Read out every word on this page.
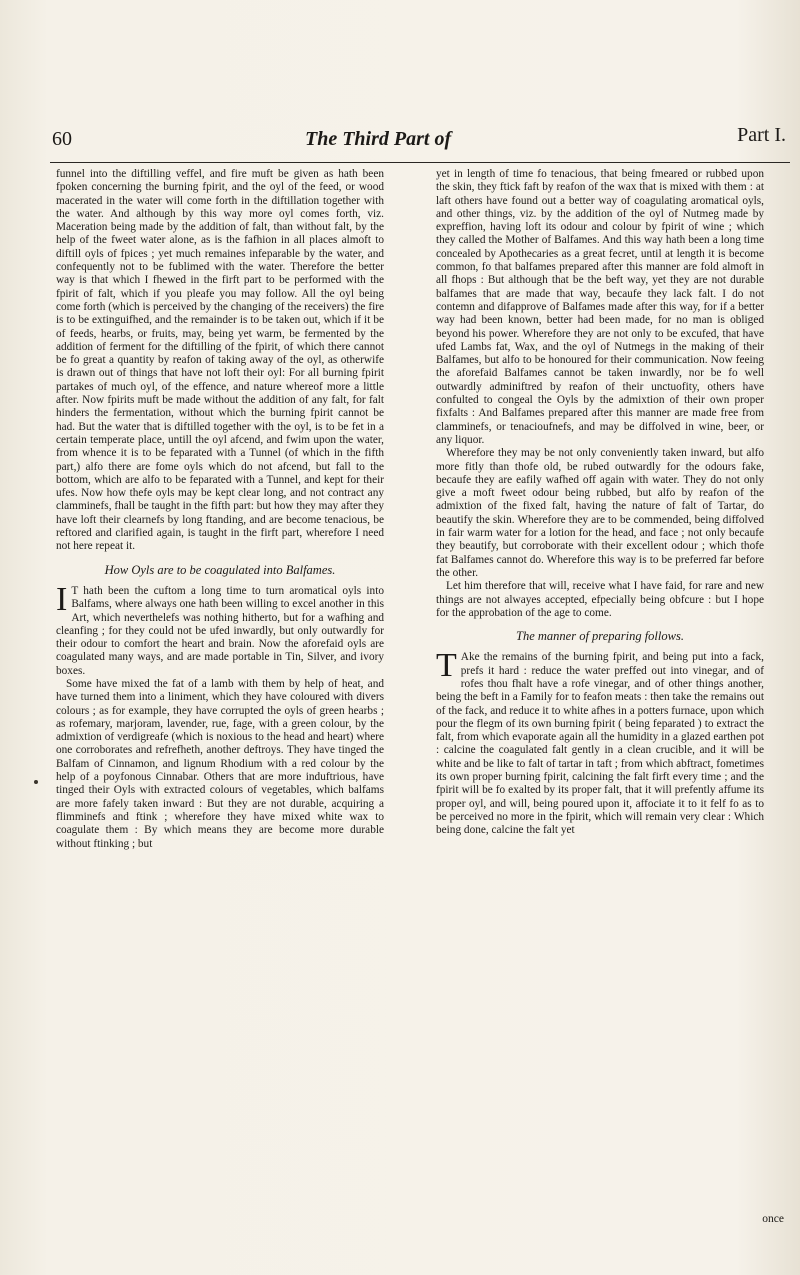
60	The Third Part of	Part I.

funnel into the diftilling veffel, and fire muft be given as hath been fpoken concerning the burning fpirit, and the oyl of the feed, or wood macerated in the water will come forth in the diftillation together with the water. And although by this way more oyl comes forth, viz. Maceration being made by the addition of falt, than without falt, by the help of the fweet water alone, as is the fafhion in all places almoft to diftill oyls of fpices ; yet much remaines infeparable by the water, and confequently not to be fublimed with the water. Therefore the better way is that which I fhewed in the firft part to be performed with the fpirit of falt, which if you pleafe you may follow. All the oyl being come forth (which is perceived by the changing of the receivers) the fire is to be extinguifhed, and the remainder is to be taken out, which if it be of feeds, hearbs, or fruits, may, being yet warm, be fermented by the addition of ferment for the diftilling of the fpirit, of which there cannot be fo great a quantity by reafon of taking away of the oyl, as otherwife is drawn out of things that have not loft their oyl: For all burning fpirit partakes of much oyl, of the effence, and nature whereof more a little after. Now fpirits muft be made without the addition of any falt, for falt hinders the fermentation, without which the burning fpirit cannot be had. But the water that is diftilled together with the oyl, is to be fet in a certain temperate place, untill the oyl afcend, and fwim upon the water, from whence it is to be feparated with a Tunnel (of which in the fifth part,) alfo there are fome oyls which do not afcend, but fall to the bottom, which are alfo to be feparated with a Tunnel, and kept for their ufes. Now how thefe oyls may be kept clear long, and not contract any clamminefs, fhall be taught in the fifth part: but how they may after they have loft their clearnefs by long ftanding, and are become tenacious, be reftored and clarified again, is taught in the firft part, wherefore I need not here repeat it.

How Oyls are to be coagulated into Balfames.

I T hath been the cuftom a long time to turn aromatical oyls into Balfams, where always one hath been willing to excel another in this Art, which neverthelefs was nothing hitherto, but for a wafhing and cleanfing ; for they could not be ufed inwardly, but only outwardly for their odour to comfort the heart and brain. Now the aforefaid oyls are coagulated many ways, and are made portable in Tin, Silver, and ivory boxes.

Some have mixed the fat of a lamb with them by help of heat, and have turned them into a liniment, which they have coloured with divers colours ; as for example, they have corrupted the oyls of green hearbs ; as rofemary, marjoram, lavender, rue, fage, with a green colour, by the admixtion of verdigreafe (which is noxious to the head and heart) where one corroborates and refrefheth, another deftroys. They have tinged the Balfam of Cinnamon, and lignum Rhodium with a red colour by the help of a poyfonous Cinnabar. Others that are more induftrious, have tinged their Oyls with extracted colours of vegetables, which balfams are more fafely taken inward : But they are not durable, acquiring a flimminefs and ftink ; wherefore they have mixed white wax to coagulate them : By which means they are become more durable without ftinking ; but

yet in length of time fo tenacious, that being fmeared or rubbed upon the skin, they ftick faft by reafon of the wax that is mixed with them : at laft others have found out a better way of coagulating aromatical oyls, and other things, viz. by the addition of the oyl of Nutmeg made by expreffion, having loft its odour and colour by fpirit of wine ; which they called the Mother of Balfames. And this way hath been a long time concealed by Apothecaries as a great fecret, until at length it is become common, fo that balfames prepared after this manner are fold almoft in all fhops : But although that be the beft way, yet they are not durable balfames that are made that way, becaufe they lack falt. I do not contemn and difapprove of Balfames made after this way, for if a better way had been known, better had been made, for no man is obliged beyond his power. Wherefore they are not only to be excufed, that have ufed Lambs fat, Wax, and the oyl of Nutmegs in the making of their Balfames, but alfo to be honoured for their communication. Now feeing the aforefaid Balfames cannot be taken inwardly, nor be fo well outwardly adminiftred by reafon of their unctuofity, others have confulted to congeal the Oyls by the admixtion of their own proper fixfalts : And Balfames prepared after this manner are made free from clamminefs, or tenacioufnefs, and may be diffolved in wine, beer, or any liquor.

Wherefore they may be not only conveniently taken inward, but alfo more fitly than thofe old, be rubed outwardly for the odours fake, becaufe they are eafily wafhed off again with water. They do not only give a moft fweet odour being rubbed, but alfo by reafon of the admixtion of the fixed falt, having the nature of falt of Tartar, do beautify the skin. Wherefore they are to be commended, being diffolved in fair warm water for a lotion for the head, and face ; not only becaufe they beautify, but corroborate with their excellent odour ; which thofe fat Balfames cannot do. Wherefore this way is to be preferred far before the other.

Let him therefore that will, receive what I have faid, for rare and new things are not alwayes accepted, efpecially being obfcure : but I hope for the approbation of the age to come.

The manner of preparing follows.

T Ake the remains of the burning fpirit, and being put into a fack, prefs it hard : reduce the water preffed out into vinegar, and of rofes thou fhalt have a rofe vinegar, and of other things another, being the beft in a Family for to feafon meats : then take the remains out of the fack, and reduce it to white afhes in a potters furnace, upon which pour the flegm of its own burning fpirit ( being feparated ) to extract the falt, from which evaporate again all the humidity in a glazed earthen pot : calcine the coagulated falt gently in a clean crucible, and it will be white and be like to falt of tartar in taft ; from which abftract, fometimes its own proper burning fpirit, calcining the falt firft every time ; and the fpirit will be fo exalted by its proper falt, that it will prefently affume its proper oyl, and will, being poured upon it, affociate it to it felf fo as to be perceived no more in the fpirit, which will remain very clear : Which being done, calcine the falt yet

once
